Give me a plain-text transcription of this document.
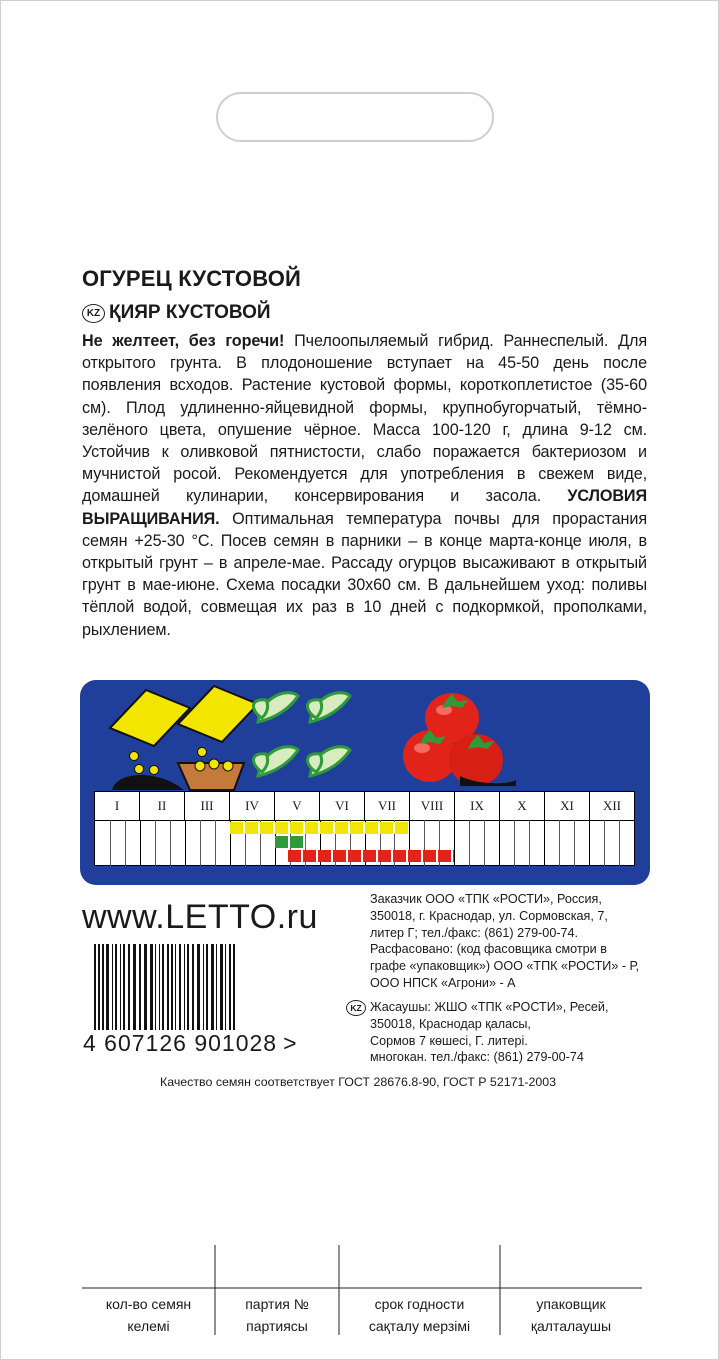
ОГУРЕЦ КУСТОВОЙ
KZ ҚИЯР КУСТОВОЙ
Не желтеет, без горечи! Пчелоопыляемый гибрид. Раннеспелый. Для открытого грунта. В плодоношение вступает на 45-50 день после появления всходов. Растение кустовой формы, короткоплетистое (35-60 см). Плод удлиненно-яйцевидной формы, крупнобугорчатый, тёмно-зелёного цвета, опушение чёрное. Масса 100-120 г, длина 9-12 см. Устойчив к оливковой пятнистости, слабо поражается бактериозом и мучнистой росой. Рекомендуется для употребления в свежем виде, домашней кулинарии, консервирования и засола. УСЛОВИЯ ВЫРАЩИВАНИЯ. Оптимальная температура почвы для прорастания семян +25-30 °С. Посев семян в парники – в конце марта-конце июля, в открытый грунт – в апреле-мае. Рассаду огурцов высаживают в открытый грунт в мае-июне. Схема посадки 30х60 см. В дальнейшем уход: поливы тёплой водой, совмещая их раз в 10 дней с подкормкой, прополками, рыхлением.
I	II	III	IV	V	VI	VII	VIII	IX	X	XI	XII
www.LETTO.ru
4 607126 901028 >

Заказчик ООО «ТПК «РОСТИ», Россия,

350018, г. Краснодар, ул. Сормовская, 7,

литер Г; тел./факс: (861) 279-00-74.

Расфасовано: (код фасовщика смотри в

графе «упаковщик») ООО «ТПК «РОСТИ» - Р,

ООО НПСК «Агрони» - А

KZ Жасаушы: ЖШО «ТПК «РОСТИ», Ресей,

350018, Краснодар қаласы,

Сормов 7 көшесі, Г. литері.

многокан. тел./факс: (861) 279-00-74

Качество семян соответствует ГОСТ 28676.8-90, ГОСТ Р 52171-2003
кол-во семян
келемі
партия №
партиясы
срок годности
сақталу мерзімі
упаковщик
қалталаушы
